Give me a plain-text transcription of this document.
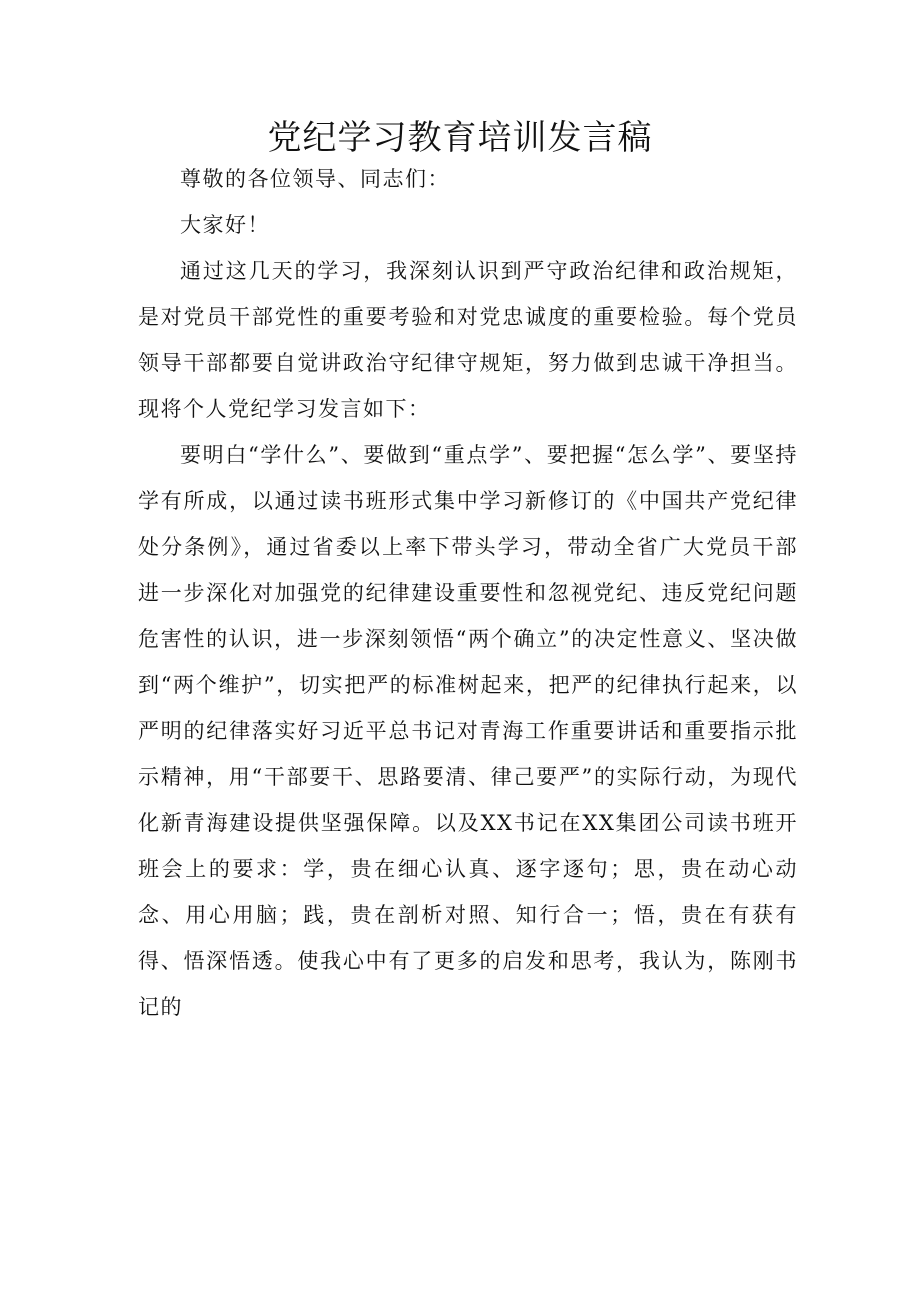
党纪学习教育培训发言稿

尊敬的各位领导、同志们：

大家好！

通过这几天的学习，我深刻认识到严守政治纪律和政治规矩，是对党员干部党性的重要考验和对党忠诚度的重要检验。每个党员领导干部都要自觉讲政治守纪律守规矩，努力做到忠诚干净担当。现将个人党纪学习发言如下：

要明白“学什么”、要做到“重点学”、要把握“怎么学”、要坚持学有所成，以通过读书班形式集中学习新修订的《中国共产党纪律处分条例》，通过省委以上率下带头学习，带动全省广大党员干部进一步深化对加强党的纪律建设重要性和忽视党纪、违反党纪问题危害性的认识，进一步深刻领悟“两个确立”的决定性意义、坚决做到“两个维护”，切实把严的标准树起来，把严的纪律执行起来，以严明的纪律落实好习近平总书记对青海工作重要讲话和重要指示批示精神，用“干部要干、思路要清、律己要严”的实际行动，为现代化新青海建设提供坚强保障。以及XX书记在XX集团公司读书班开班会上的要求：学，贵在细心认真、逐字逐句；思，贵在动心动念、用心用脑；践，贵在剖析对照、知行合一；悟，贵在有获有得、悟深悟透。使我心中有了更多的启发和思考，我认为，陈刚书记的
